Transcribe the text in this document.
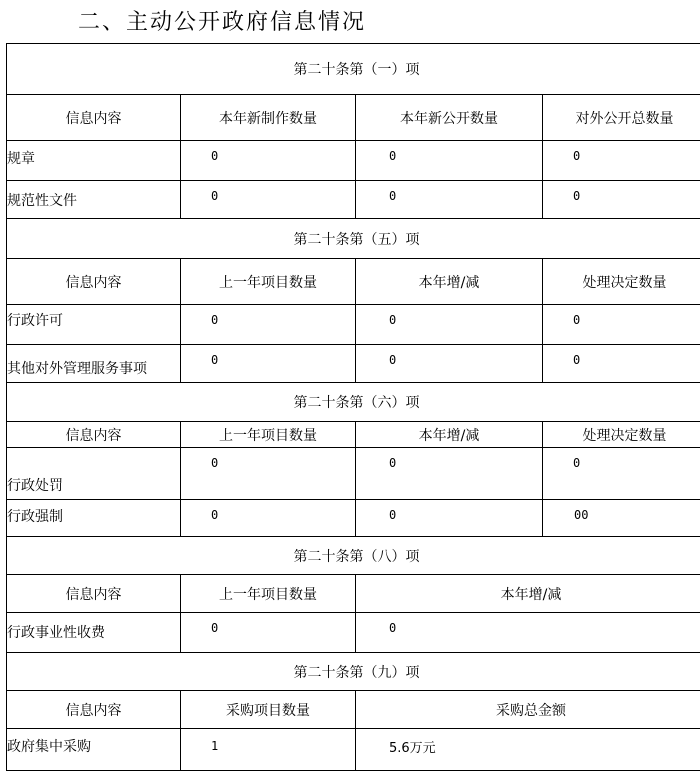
二、主动公开政府信息情况
第二十条第（一）项			
信息内容	本年新制作数量	本年新公开数量	对外公开总数量
规章	0	0	0
规范性文件	0	0	0
第二十条第（五）项			
信息内容	上一年项目数量	本年增/减	处理决定数量
行政许可	0	0	0
其他对外管理服务事项	0	0	0
第二十条第（六）项			
信息内容	上一年项目数量	本年增/减	处理决定数量
行政处罚	0	0	0
行政强制	0	0	00
第二十条第（八）项			
信息内容	上一年项目数量	本年增/减	
行政事业性收费	0	0	
第二十条第（九）项			
信息内容	采购项目数量	采购总金额	
政府集中采购	1	5.6万元	
